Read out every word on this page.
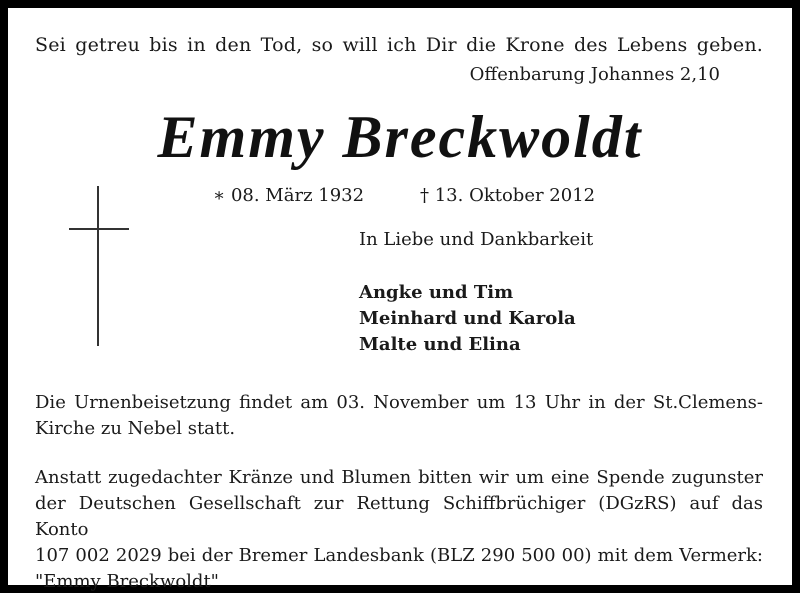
Sei getreu bis in den Tod, so will ich Dir die Krone des Lebens geben.
Offenbarung Johannes 2,10
Emmy Breckwoldt
∗ 08. März 1932	† 13. Oktober 2012
In Liebe und Dankbarkeit
Angke und Tim
Meinhard und Karola
Malte und Elina
Die Urnenbeisetzung findet am 03. November um 13 Uhr in der St.Clemens-Kirche zu Nebel statt.
Anstatt zugedachter Kränze und Blumen bitten wir um eine Spende zugunster
der Deutschen Gesellschaft zur Rettung Schiffbrüchiger (DGzRS) auf das Konto
107 002 2029 bei der Bremer Landesbank (BLZ 290 500 00) mit dem Vermerk:
"Emmy Breckwoldt"
